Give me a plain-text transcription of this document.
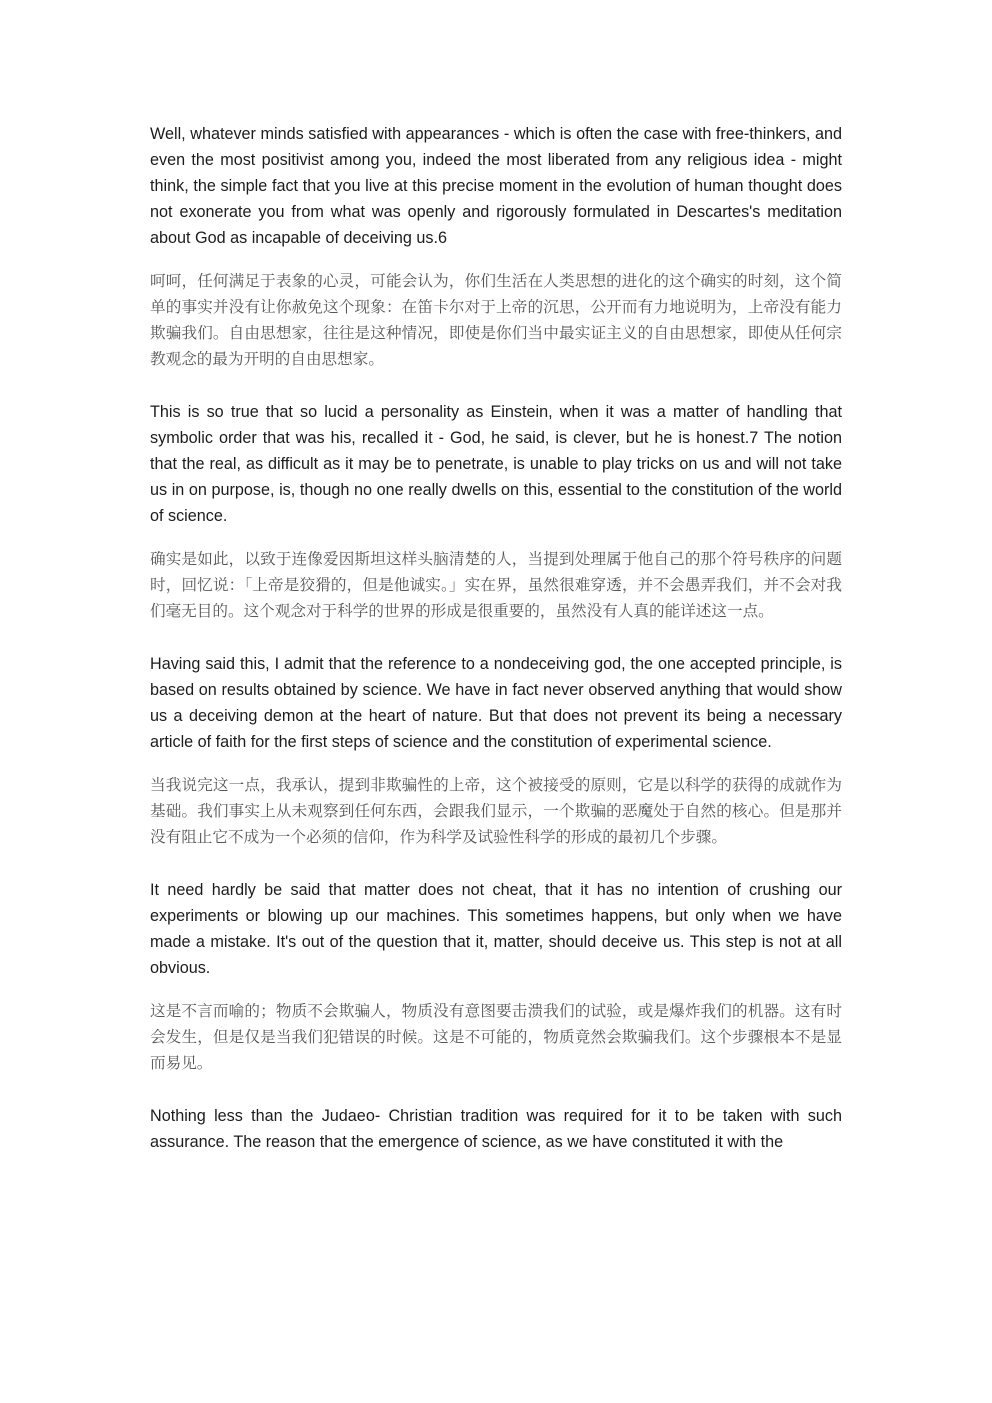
Well, whatever minds satisfied with appearances - which is often the case with free-thinkers, and even the most positivist among you, indeed the most liberated from any religious idea - might think, the simple fact that you live at this precise moment in the evolution of human thought does not exonerate you from what was openly and rigorously formulated in Descartes's meditation about God as incapable of deceiving us.6

呵呵，任何满足于表象的心灵，可能会认为，你们生活在人类思想的进化的这个确实的时刻，这个简单的事实并没有让你赦免这个现象：在笛卡尔对于上帝的沉思，公开而有力地说明为，上帝没有能力欺骗我们。自由思想家，往往是这种情况，即使是你们当中最实证主义的自由思想家，即使从任何宗教观念的最为开明的自由思想家。

This is so true that so lucid a personality as Einstein, when it was a matter of handling that symbolic order that was his, recalled it - God, he said, is clever, but he is honest.7 The notion that the real, as difficult as it may be to penetrate, is unable to play tricks on us and will not take us in on purpose, is, though no one really dwells on this, essential to the constitution of the world of science.

确实是如此，以致于连像爱因斯坦这样头脑清楚的人，当提到处理属于他自己的那个符号秩序的问题时，回忆说：「上帝是狡猾的，但是他诚实。」实在界，虽然很难穿透，并不会愚弄我们，并不会对我们毫无目的。这个观念对于科学的世界的形成是很重要的，虽然没有人真的能详述这一点。

Having said this, I admit that the reference to a nondeceiving god, the one accepted principle, is based on results obtained by science. We have in fact never observed anything that would show us a deceiving demon at the heart of nature. But that does not prevent its being a necessary article of faith for the first steps of science and the constitution of experimental science.

当我说完这一点，我承认，提到非欺骗性的上帝，这个被接受的原则，它是以科学的获得的成就作为基础。我们事实上从未观察到任何东西，会跟我们显示，一个欺骗的恶魔处于自然的核心。但是那并没有阻止它不成为一个必须的信仰，作为科学及试验性科学的形成的最初几个步骤。

It need hardly be said that matter does not cheat, that it has no intention of crushing our experiments or blowing up our machines. This sometimes happens, but only when we have made a mistake. It's out of the question that it, matter, should deceive us. This step is not at all obvious.

这是不言而喻的；物质不会欺骗人，物质没有意图要击溃我们的试验，或是爆炸我们的机器。这有时会发生，但是仅是当我们犯错误的时候。这是不可能的，物质竟然会欺骗我们。这个步骤根本不是显而易见。

Nothing less than the Judaeo- Christian tradition was required for it to be taken with such assurance. The reason that the emergence of science, as we have constituted it with the
